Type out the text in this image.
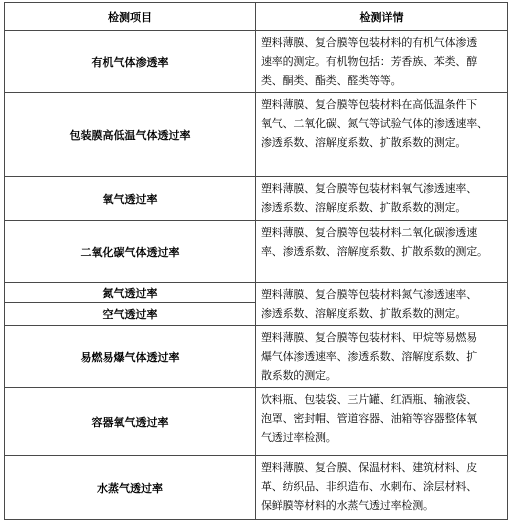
检测项目	检测详情
有机气体渗透率	塑料薄膜、复合膜等包装材料的有机气体渗透
速率的测定。有机物包括：芳香族、苯类、醇
类、酮类、酯类、醛类等等。
包装膜高低温气体透过率	塑料薄膜、复合膜等包装材料在高低温条件下
氧气、二氧化碳、氮气等试验气体的渗透速率、
渗透系数、溶解度系数、扩散系数的测定。
氧气透过率	塑料薄膜、复合膜等包装材料氧气渗透速率、
渗透系数、溶解度系数、扩散系数的测定。
二氧化碳气体透过率	塑料薄膜、复合膜等包装材料二氧化碳渗透速
率、渗透系数、溶解度系数、扩散系数的测定。
氮气透过率	塑料薄膜、复合膜等包装材料氮气渗透速率、
渗透系数、溶解度系数、扩散系数的测定。
空气透过率	
易燃易爆气体透过率	塑料薄膜、复合膜等包装材料、甲烷等易燃易
爆气体渗透速率、渗透系数、溶解度系数、扩
散系数的测定。
容器氧气透过率	饮料瓶、包装袋、三片罐、红酒瓶、输液袋、
泡罩、密封帽、管道容器、油箱等容器整体氧
气透过率检测。
水蒸气透过率	塑料薄膜、复合膜、保温材料、建筑材料、皮
革、纺织品、非织造布、水刺布、涂层材料、
保鲜膜等材料的水蒸气透过率检测。
